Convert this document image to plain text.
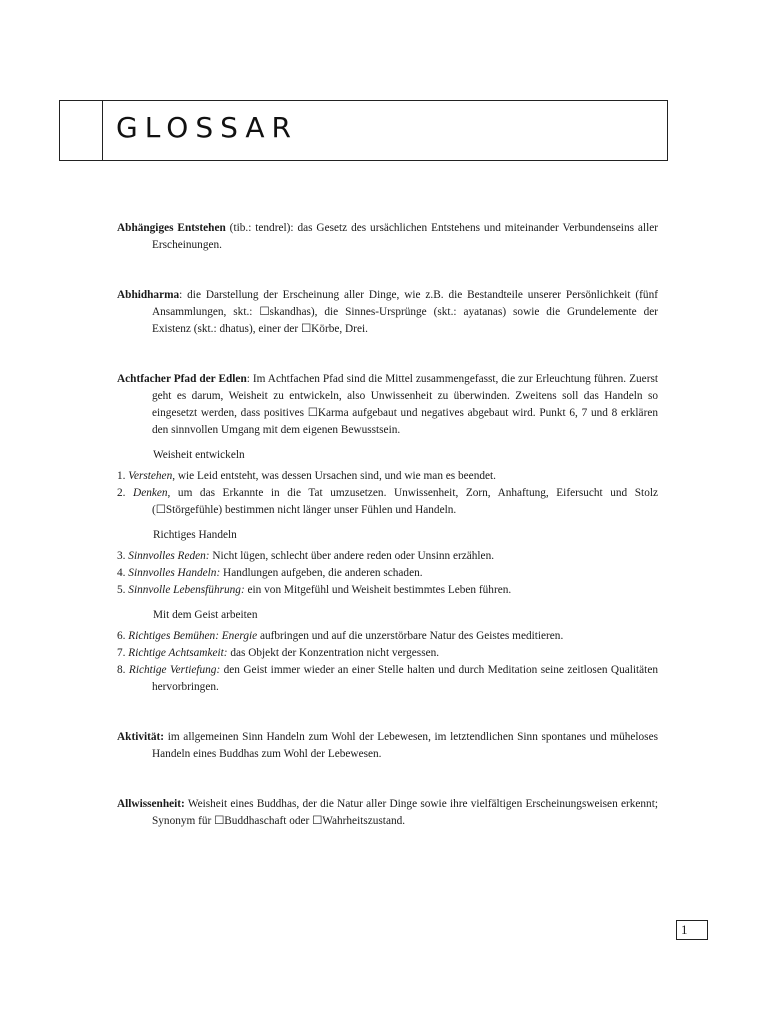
GLOSSAR

Abhängiges Entstehen (tib.: tendrel): das Gesetz des ursächlichen Entstehens und miteinander Verbundenseins aller Erscheinungen.

Abhidharma: die Darstellung der Erscheinung aller Dinge, wie z.B. die Bestandteile unserer Persönlichkeit (fünf Ansammlungen, skt.: ☐skandhas), die Sinnes-Ursprünge (skt.: ayatanas) sowie die Grundelemente der Existenz (skt.: dhatus), einer der ☐Körbe, Drei.

Achtfacher Pfad der Edlen: Im Achtfachen Pfad sind die Mittel zusammengefasst, die zur Erleuchtung führen. Zuerst geht es darum, Weisheit zu entwickeln, also Unwissenheit zu überwinden. Zweitens soll das Handeln so eingesetzt werden, dass positives ☐Karma aufgebaut und negatives abgebaut wird. Punkt 6, 7 und 8 erklären den sinnvollen Umgang mit dem eigenen Bewusstsein.

Weisheit entwickeln

1. Verstehen, wie Leid entsteht, was dessen Ursachen sind, und wie man es beendet.

2. Denken, um das Erkannte in die Tat umzusetzen. Unwissenheit, Zorn, Anhaftung, Eifersucht und Stolz (☐Störgefühle) bestimmen nicht länger unser Fühlen und Handeln.

Richtiges Handeln

3. Sinnvolles Reden: Nicht lügen, schlecht über andere reden oder Unsinn erzählen.

4. Sinnvolles Handeln: Handlungen aufgeben, die anderen schaden.

5. Sinnvolle Lebensführung: ein von Mitgefühl und Weisheit bestimmtes Leben führen.

Mit dem Geist arbeiten

6. Richtiges Bemühen: Energie aufbringen und auf die unzerstörbare Natur des Geistes meditieren.

7. Richtige Achtsamkeit: das Objekt der Konzentration nicht vergessen.

8. Richtige Vertiefung: den Geist immer wieder an einer Stelle halten und durch Meditation seine zeitlosen Qualitäten hervorbringen.

Aktivität: im allgemeinen Sinn Handeln zum Wohl der Lebewesen, im letztendlichen Sinn spontanes und müheloses Handeln eines Buddhas zum Wohl der Lebewesen.

Allwissenheit: Weisheit eines Buddhas, der die Natur aller Dinge sowie ihre vielfältigen Erscheinungsweisen erkennt; Synonym für ☐Buddhaschaft oder ☐Wahrheitszustand.

1
